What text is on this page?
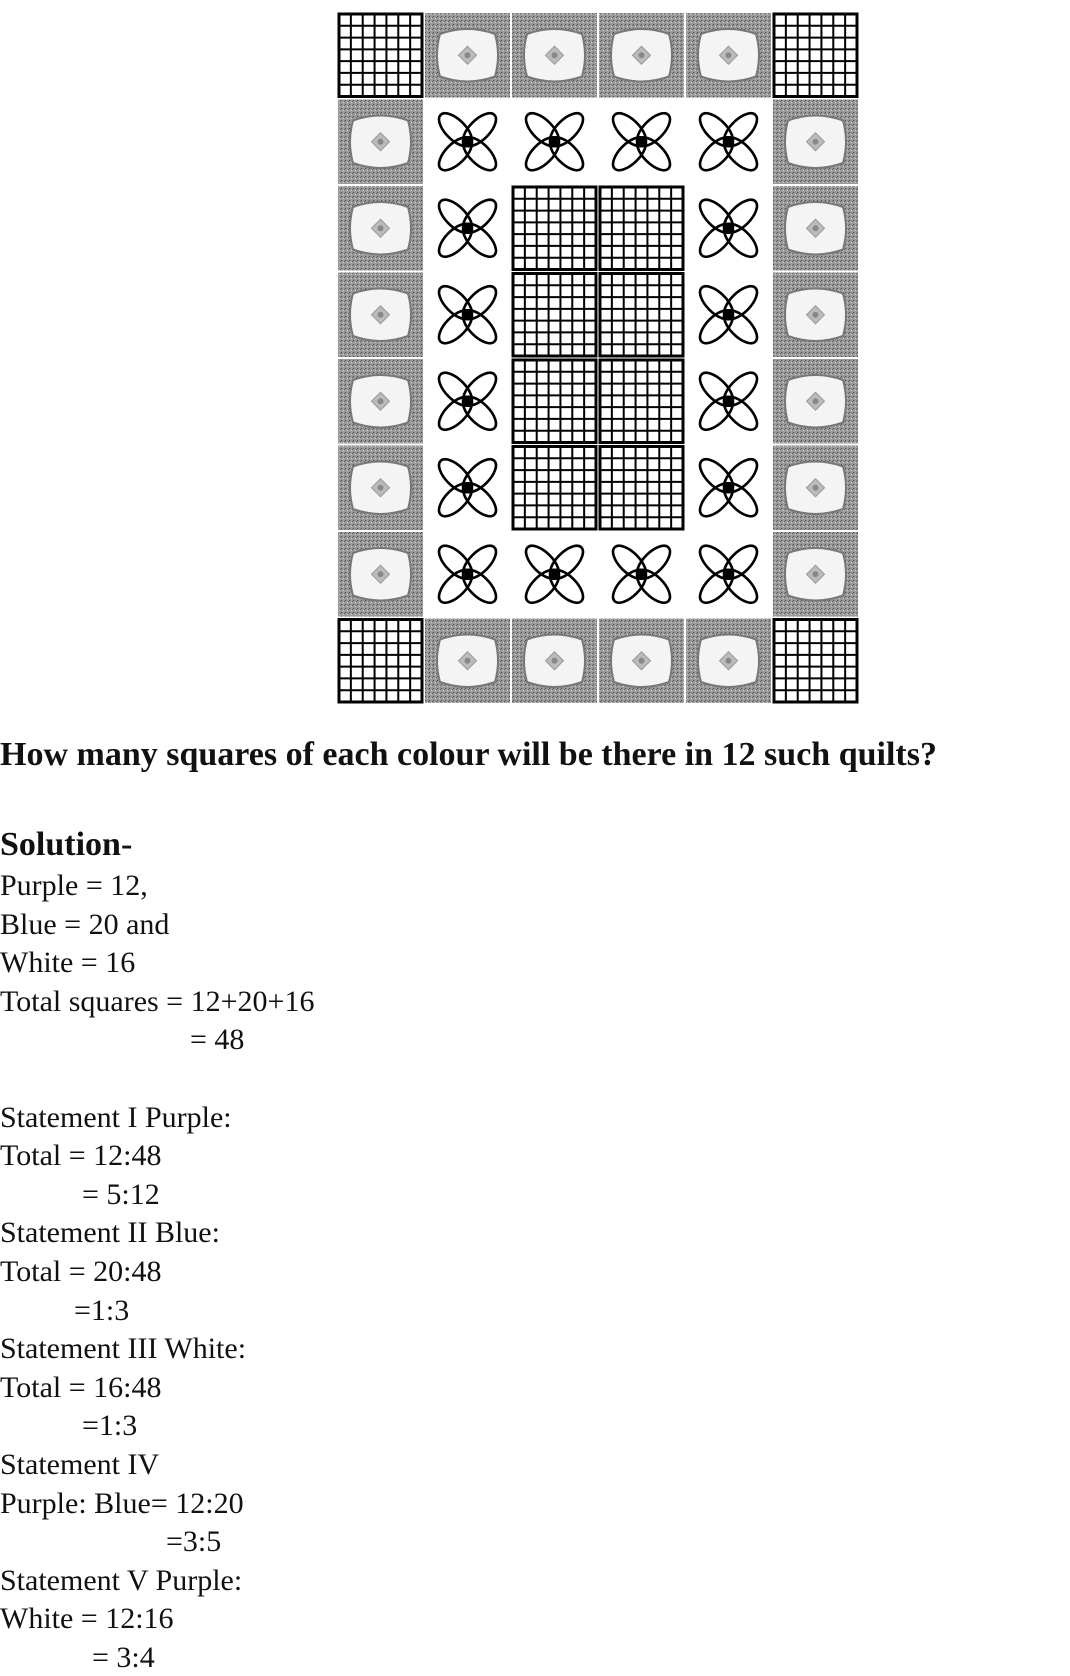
How many squares of each colour will be there in 12 such quilts?
Solution-
Purple = 12,
Blue = 20 and
White = 16
Total squares = 12+20+16
= 48
Statement I Purple:
Total = 12:48
= 5:12
Statement II Blue:
Total = 20:48
=1:3
Statement III White:
Total = 16:48
=1:3
Statement IV
Purple: Blue= 12:20
=3:5
Statement V Purple:
White = 12:16
= 3:4
